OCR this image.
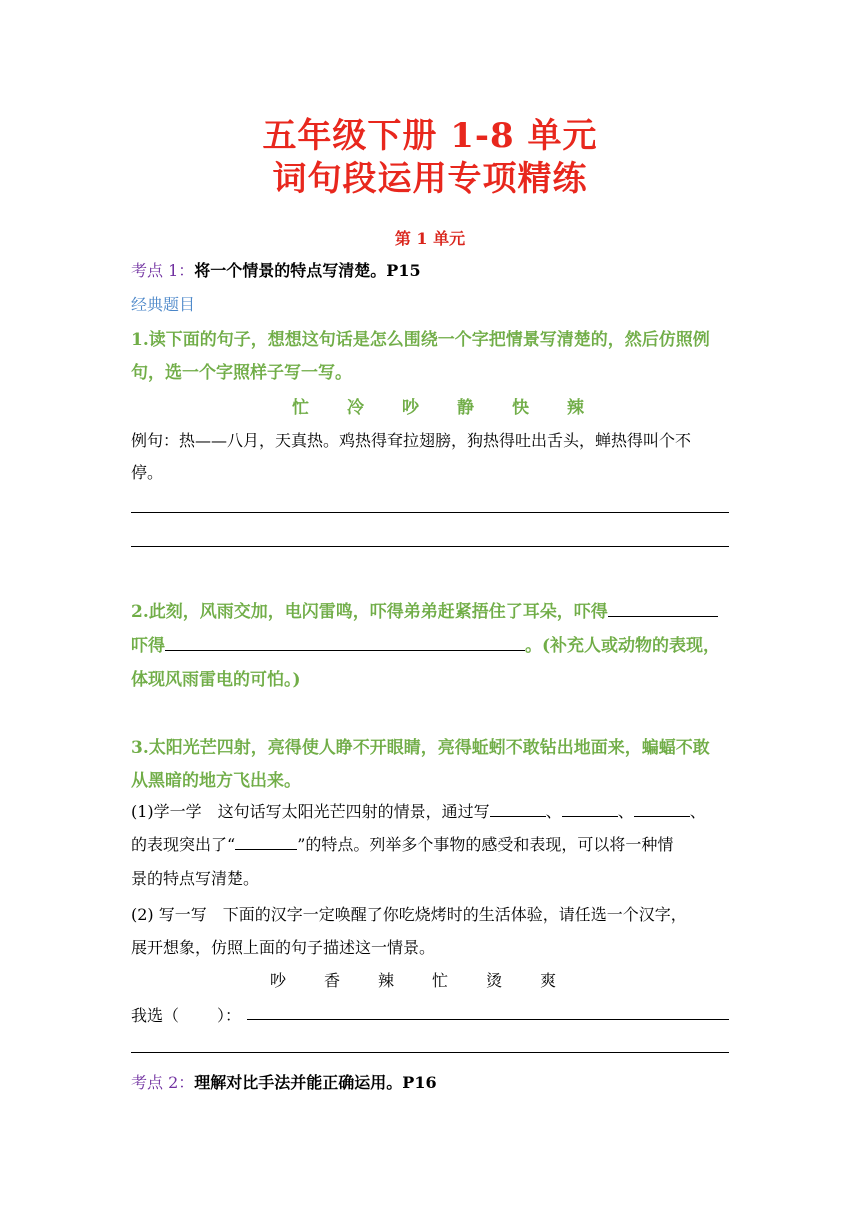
五年级下册 1-8 单元
词句段运用专项精练
第 1 单元
考点 1：将一个情景的特点写清楚。P15
经典题目
1.读下面的句子，想想这句话是怎么围绕一个字把情景写清楚的，然后仿照例
句，选一个字照样子写一写。
忙 冷 吵 静 快 辣
例句：热——八月，天真热。鸡热得耷拉翅膀，狗热得吐出舌头，蝉热得叫个不
停。
2.此刻，风雨交加，电闪雷鸣，吓得弟弟赶紧捂住了耳朵，吓得
吓得	。(补充人或动物的表现，
体现风雨雷电的可怕。)
3.太阳光芒四射，亮得使人睁不开眼睛，亮得蚯蚓不敢钻出地面来，蝙蝠不敢
从黑暗的地方飞出来。
(1)学一学　这句话写太阳光芒四射的情景，通过写	、	、	、
的表现突出了“	”的特点。列举多个事物的感受和表现，可以将一种情
景的特点写清楚。
(2) 写一写　下面的汉字一定唤醒了你吃烧烤时的生活体验，请任选一个汉字，
展开想象，仿照上面的句子描述这一情景。
吵 香 辣 忙 烫 爽
我选（ ）：
考点 2：理解对比手法并能正确运用。P16
